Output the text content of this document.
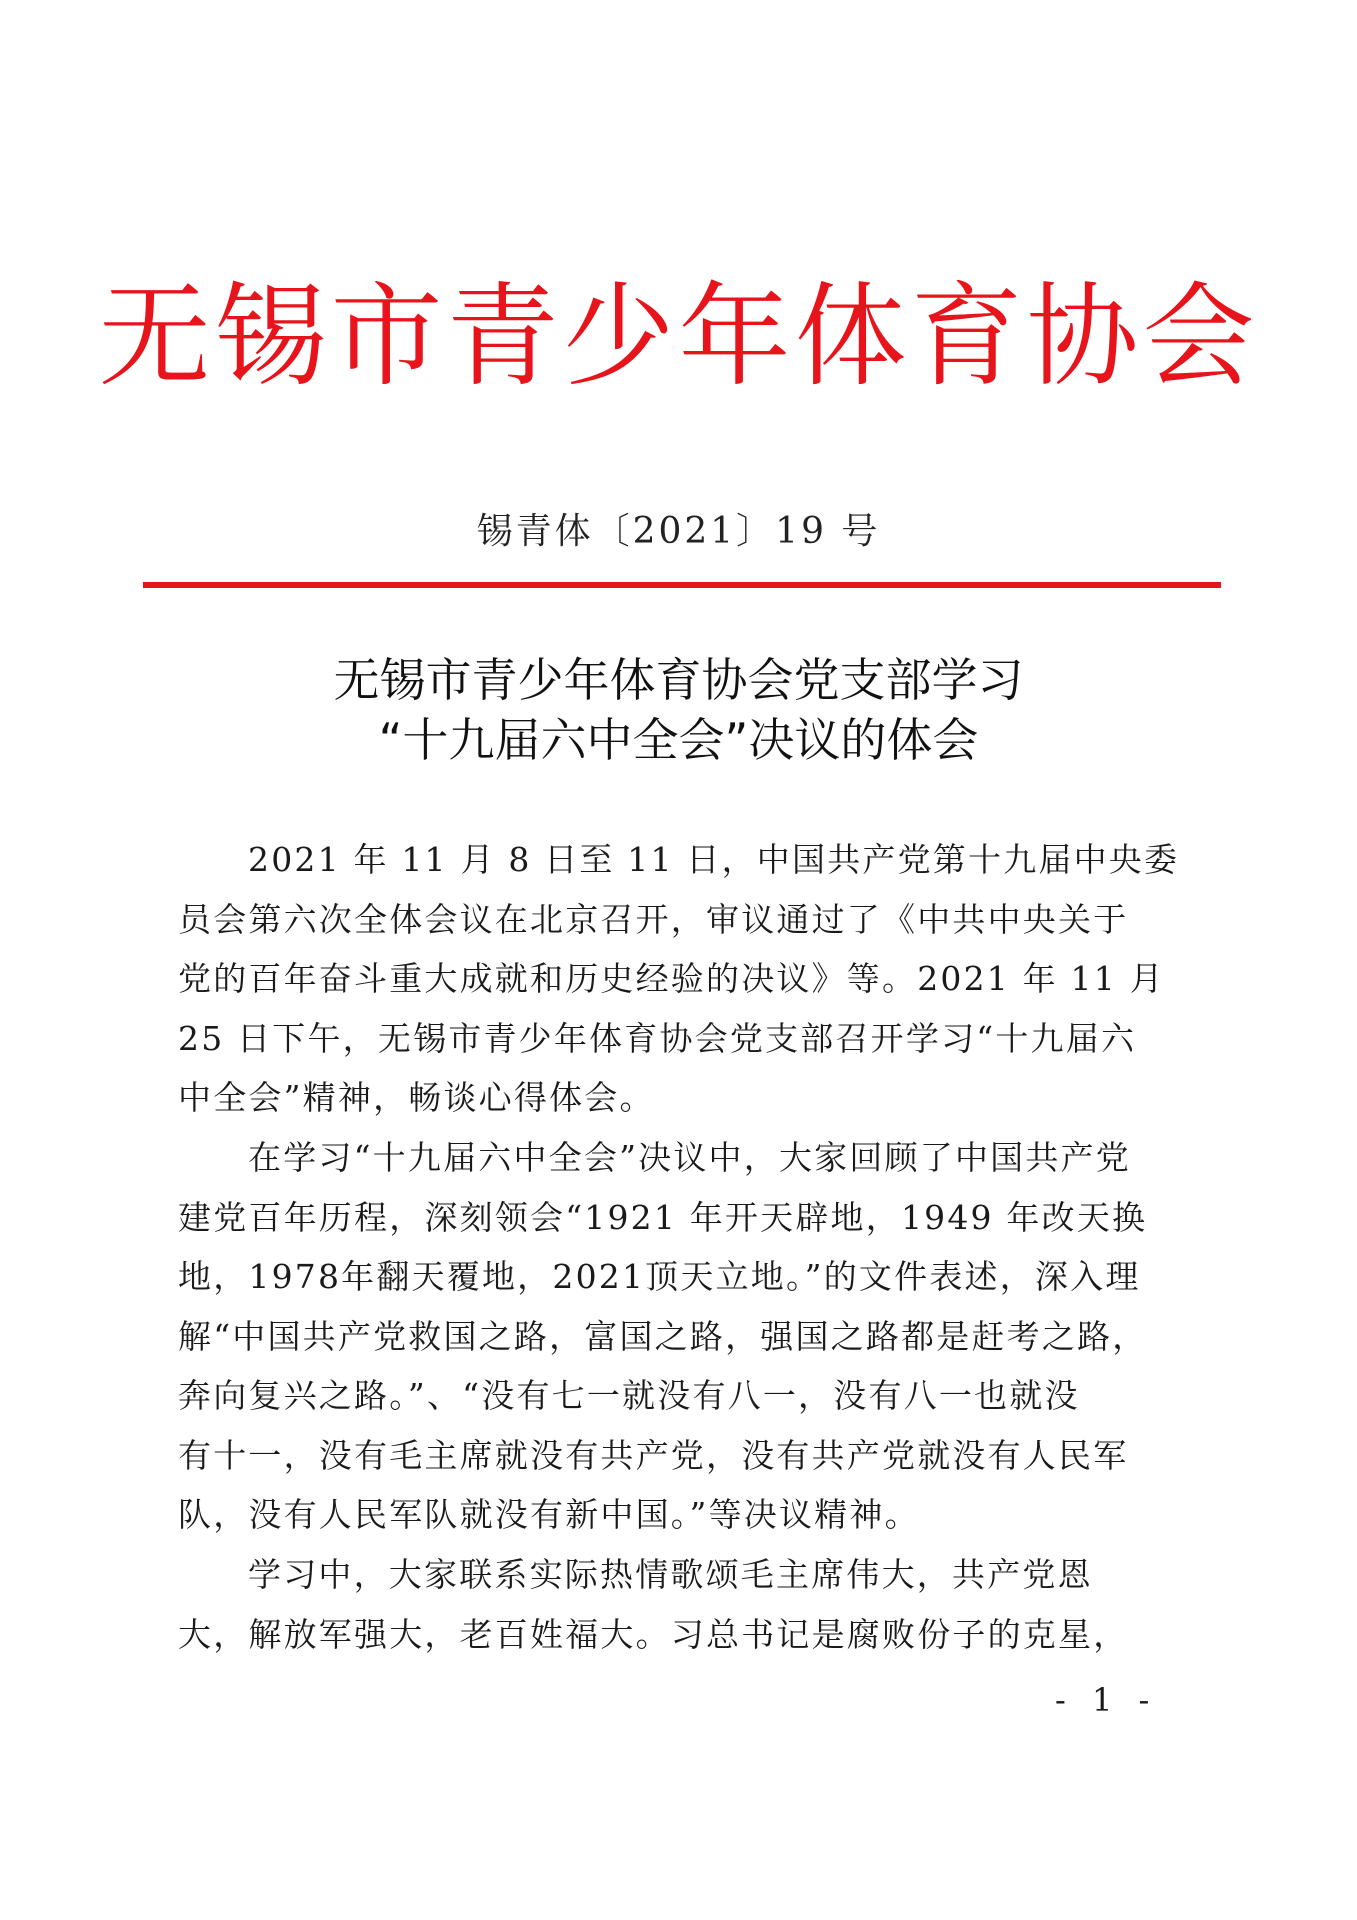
无锡市青少年体育协会
锡青体〔2021〕19 号
无锡市青少年体育协会党支部学习
“十九届六中全会”决议的体会
2021 年 11 月 8 日至 11 日，中国共产党第十九届中央委
员会第六次全体会议在北京召开，审议通过了《中共中央关于
党的百年奋斗重大成就和历史经验的决议》等。2021 年 11 月
25 日下午，无锡市青少年体育协会党支部召开学习“十九届六
中全会”精神，畅谈心得体会。
在学习“十九届六中全会”决议中，大家回顾了中国共产党
建党百年历程，深刻领会“1921 年开天辟地，1949 年改天换
地，1978年翻天覆地，2021顶天立地。”的文件表述，深入理
解“中国共产党救国之路，富国之路，强国之路都是赶考之路，
奔向复兴之路。”、“没有七一就没有八一，没有八一也就没
有十一，没有毛主席就没有共产党，没有共产党就没有人民军
队，没有人民军队就没有新中国。”等决议精神。
学习中，大家联系实际热情歌颂毛主席伟大，共产党恩
大，解放军强大，老百姓福大。习总书记是腐败份子的克星，
- 1 -
